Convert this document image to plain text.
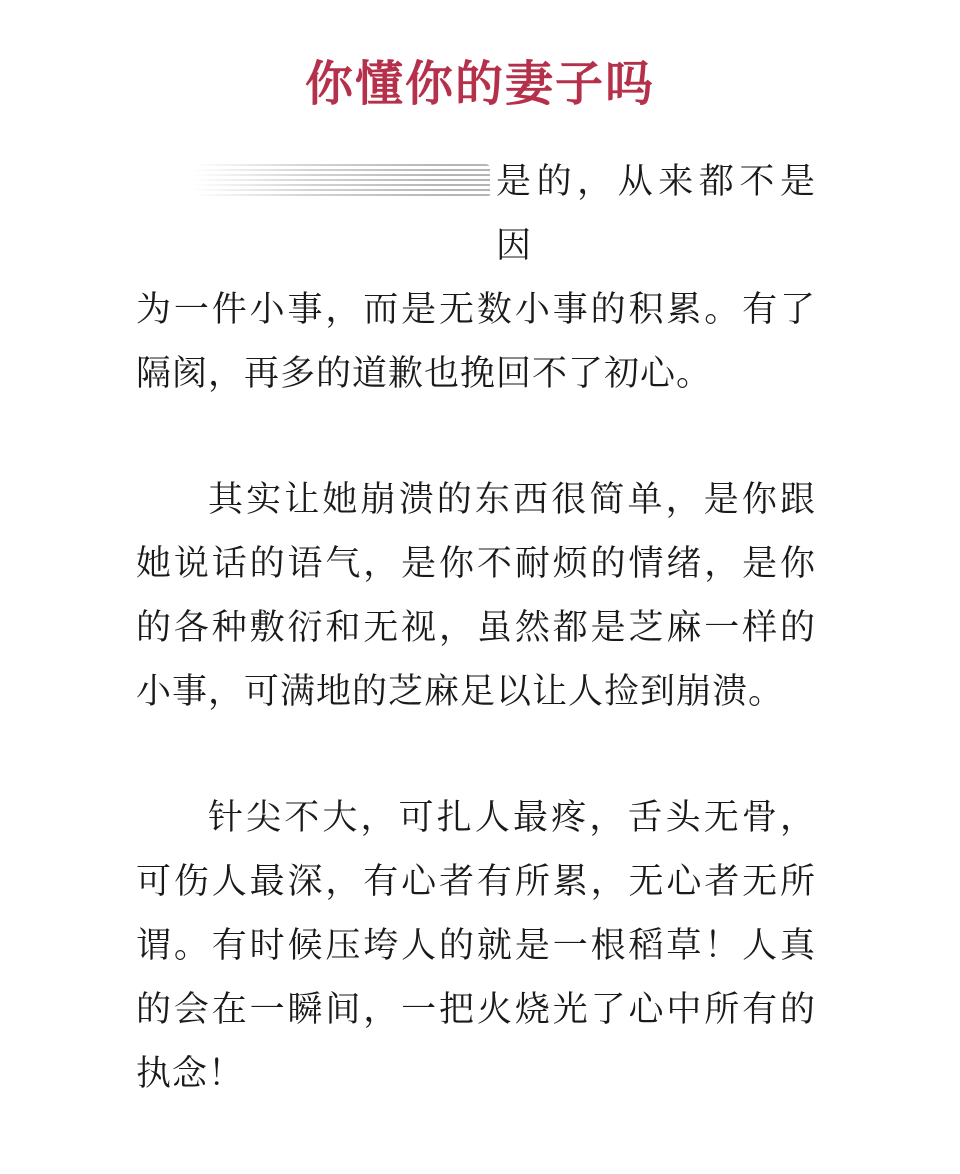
你懂你的妻子吗

是的，从来都不是因
为一件小事，而是无数小事的积累。有了隔阂，再多的道歉也挽回不了初心。

其实让她崩溃的东西很简单，是你跟她说话的语气，是你不耐烦的情绪，是你的各种敷衍和无视，虽然都是芝麻一样的小事，可满地的芝麻足以让人捡到崩溃。

针尖不大，可扎人最疼，舌头无骨，可伤人最深，有心者有所累，无心者无所谓。有时候压垮人的就是一根稻草！人真的会在一瞬间，一把火烧光了心中所有的执念！
